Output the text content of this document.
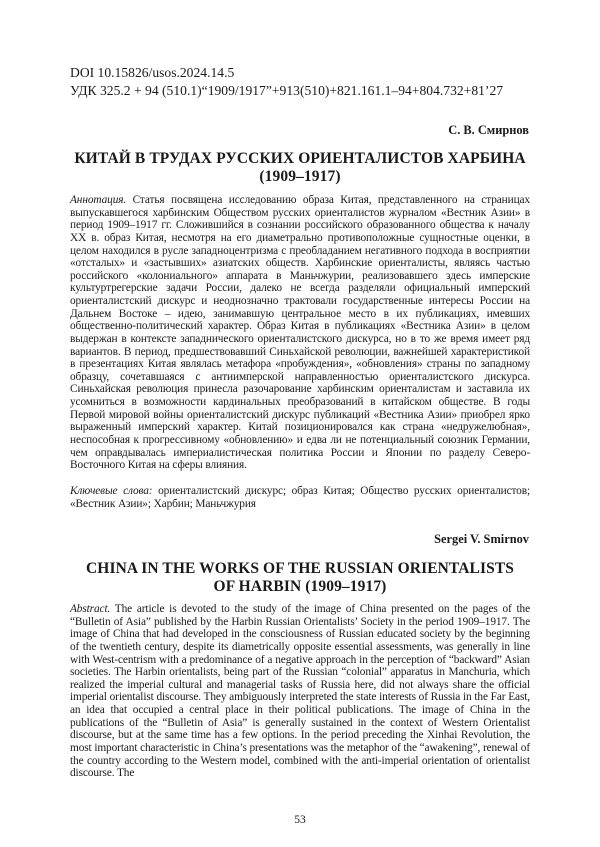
DOI 10.15826/usos.2024.14.5
УДК 325.2 + 94 (510.1)“1909/1917”+913(510)+821.161.1–94+804.732+81’27
С. В. Смирнов
КИТАЙ В ТРУДАХ РУССКИХ ОРИЕНТАЛИСТОВ ХАРБИНА
(1909–1917)
Аннотация. Статья посвящена исследованию образа Китая, представленного на страницах выпускавшегося харбинским Обществом русских ориенталистов журналом «Вестник Азии» в период 1909–1917 гг. Сложившийся в сознании российского образованного общества к началу XX в. образ Китая, несмотря на его диаметрально противоположные сущностные оценки, в целом находился в русле западноцентризма с преобладанием негативного подхода в восприятии «отсталых» и «застывших» азиатских обществ. Харбинские ориенталисты, являясь частью российского «колониального» аппарата в Маньчжурии, реализовавшего здесь имперские культуртрегерские задачи России, далеко не всегда разделяли официальный имперский ориенталистский дискурс и неоднозначно трактовали государственные интересы России на Дальнем Востоке – идею, занимавшую центральное место в их публикациях, имевших общественно-политический характер. Образ Китая в публикациях «Вестника Азии» в целом выдержан в контексте западнического ориенталистского дискурса, но в то же время имеет ряд вариантов. В период, предшествовавший Синьхайской революции, важнейшей характеристикой в презентациях Китая являлась метафора «пробуждения», «обновления» страны по западному образцу, сочетавшаяся с антиимперской направленностью ориенталистского дискурса. Синьхайская революция принесла разочарование харбинским ориенталистам и заставила их усомниться в возможности кардинальных преобразований в китайском обществе. В годы Первой мировой войны ориенталистский дискурс публикаций «Вестника Азии» приобрел ярко выраженный имперский характер. Китай позиционировался как страна «недружелюбная», неспособная к прогрессивному «обновлению» и едва ли не потенциальный союзник Германии, чем оправдывалась империалистическая политика России и Японии по разделу Северо-Восточного Китая на сферы влияния.
Ключевые слова: ориенталистский дискурс; образ Китая; Общество русских ориенталистов; «Вестник Азии»; Харбин; Маньчжурия
Sergei V. Smirnov
CHINA IN THE WORKS OF THE RUSSIAN ORIENTALISTS
OF HARBIN (1909–1917)
Abstract. The article is devoted to the study of the image of China presented on the pages of the “Bulletin of Asia” published by the Harbin Russian Orientalists’ Society in the period 1909–1917. The image of China that had developed in the consciousness of Russian educated society by the beginning of the twentieth century, despite its diametrically opposite essential assessments, was generally in line with West-centrism with a predominance of a negative approach in the perception of “backward” Asian societies. The Harbin orientalists, being part of the Russian “colonial” apparatus in Manchuria, which realized the imperial cultural and managerial tasks of Russia here, did not always share the official imperial orientalist discourse. They ambiguously interpreted the state interests of Russia in the Far East, an idea that occupied a central place in their political publications. The image of China in the publications of the “Bulletin of Asia” is generally sustained in the context of Western Orientalist discourse, but at the same time has a few options. In the period preceding the Xinhai Revolution, the most important characteristic in China’s presentations was the metaphor of the “awakening”, renewal of the country according to the Western model, combined with the anti-imperial orientation of orientalist discourse. The
53
